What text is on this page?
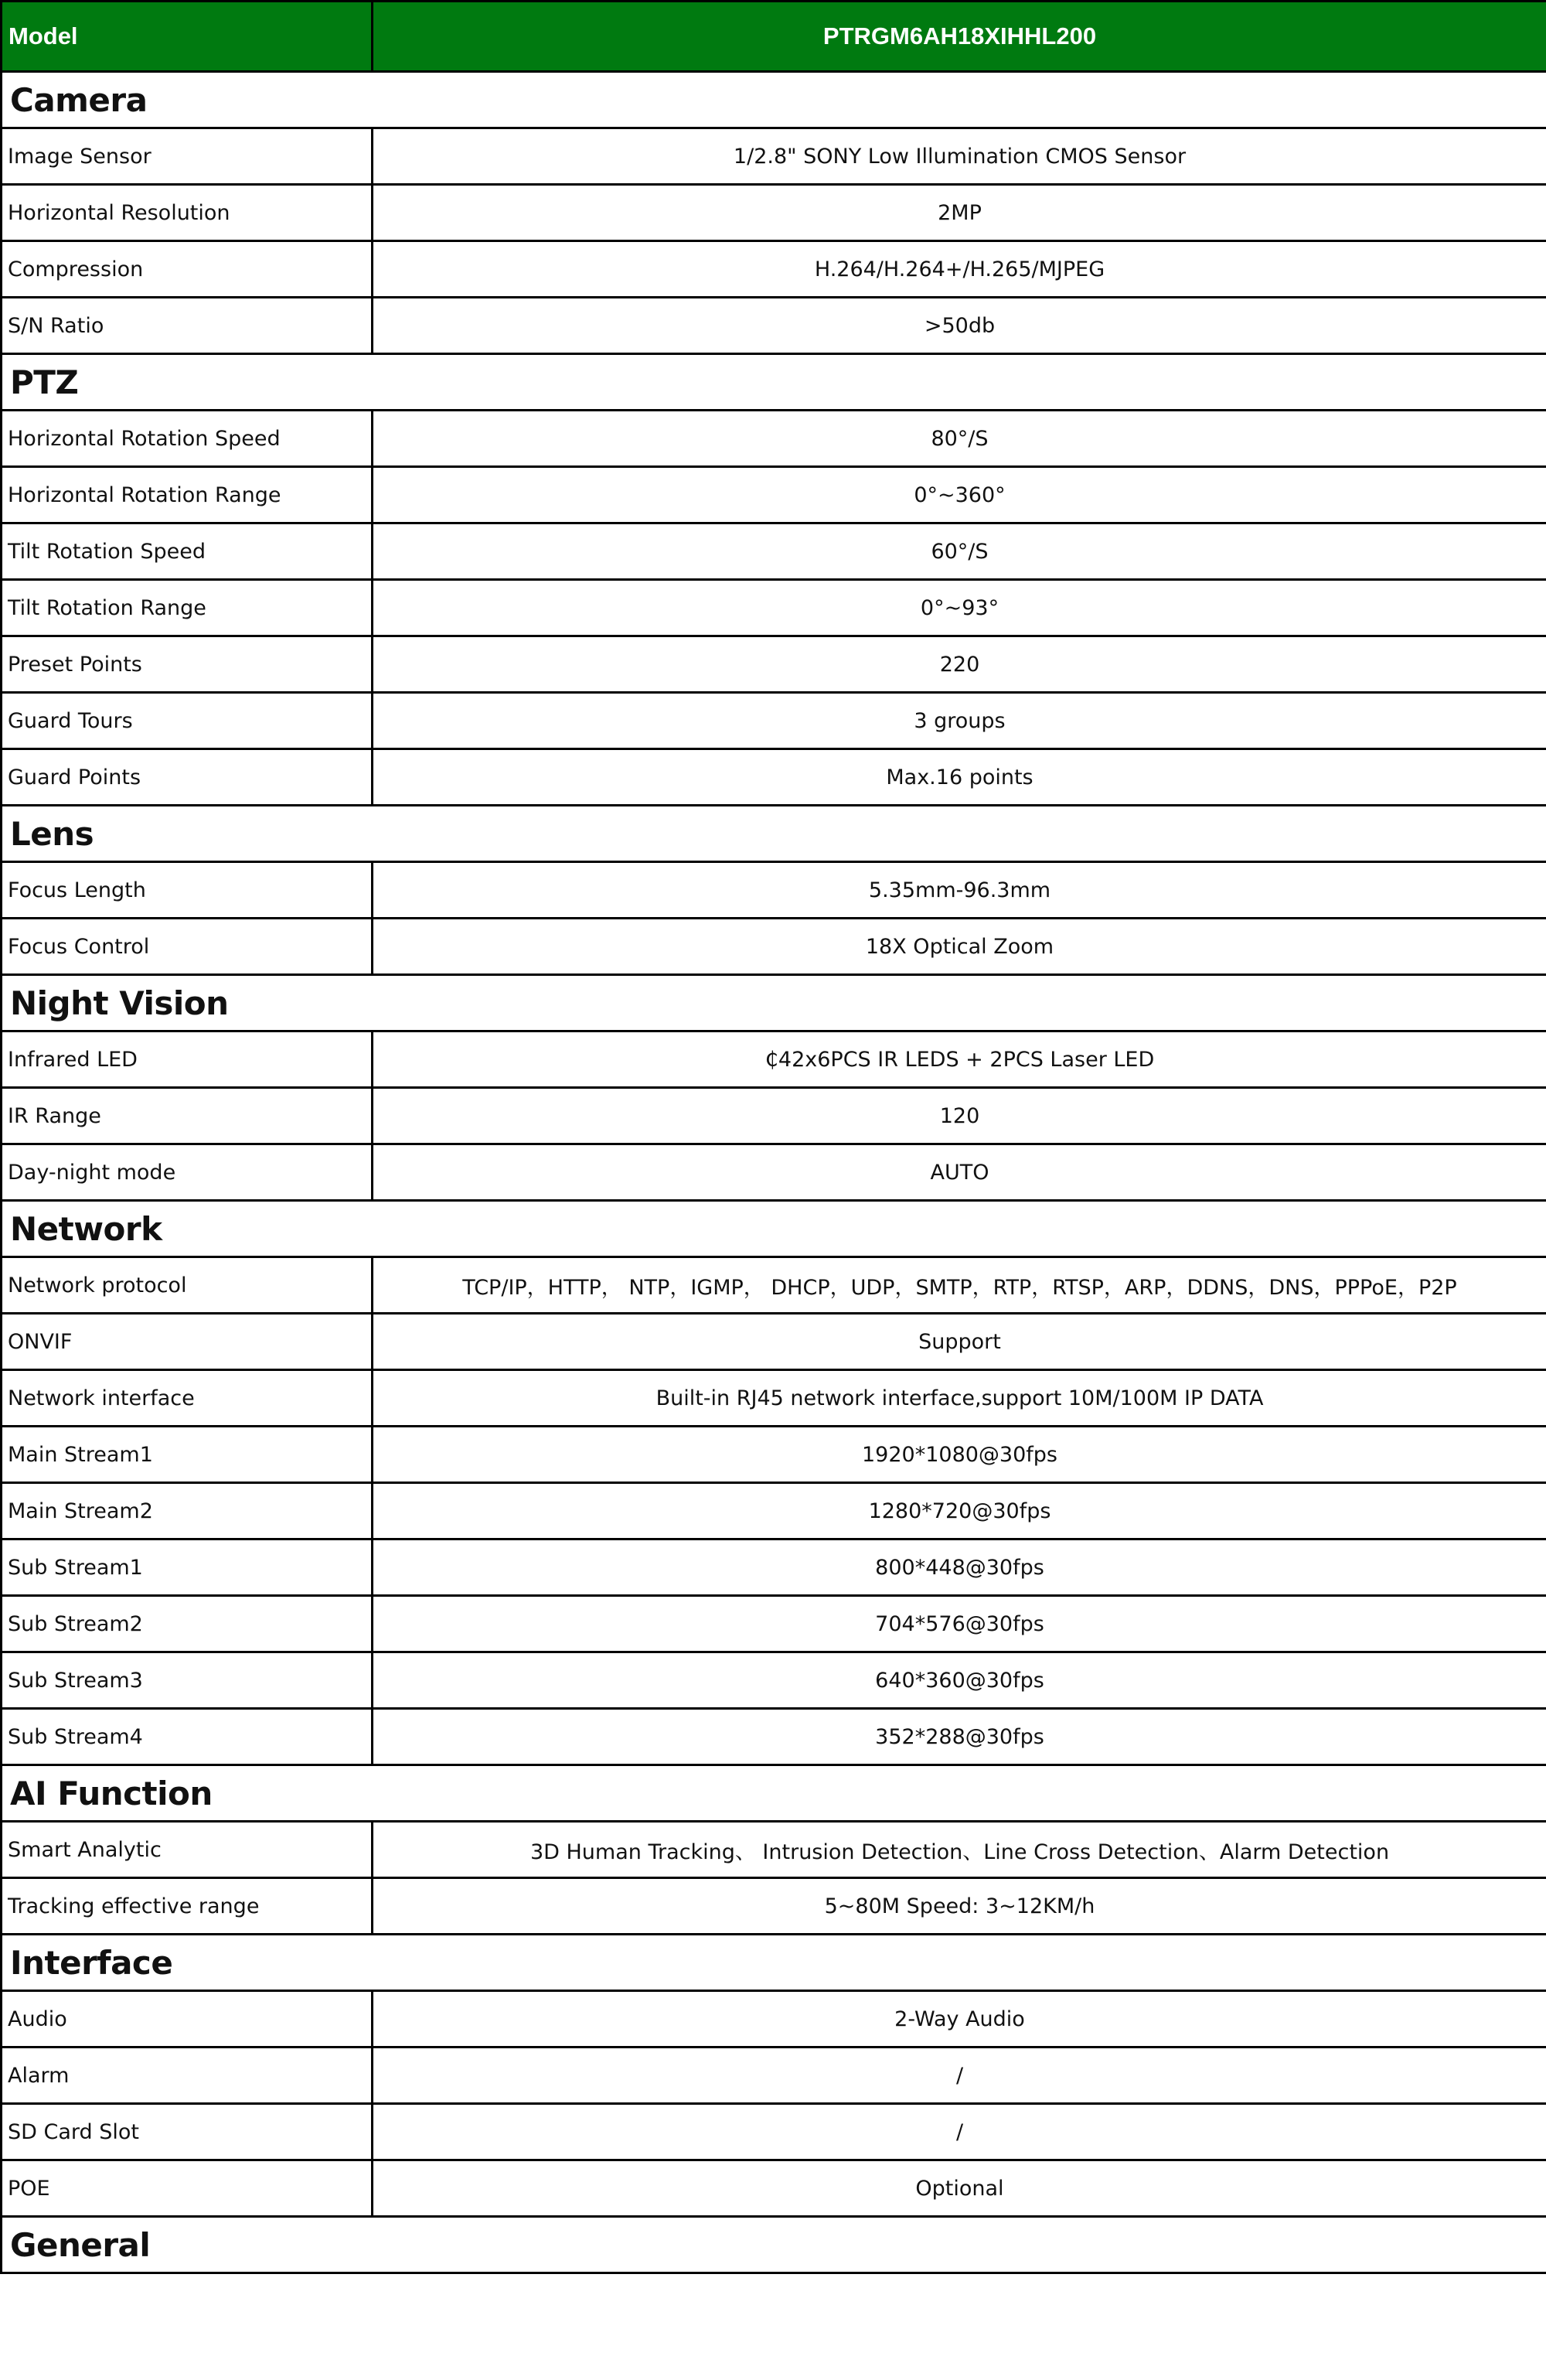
Model	PTRGM6AH18XIHHL200
Camera	
Image Sensor	1/2.8" SONY Low Illumination CMOS Sensor
Horizontal Resolution	2MP
Compression	H.264/H.264+/H.265/MJPEG
S/N Ratio	>50db
PTZ	
Horizontal Rotation Speed	80°/S
Horizontal Rotation Range	0°~360°
Tilt Rotation Speed	60°/S
Tilt Rotation Range	0°~93°
Preset Points	220
Guard Tours	3 groups
Guard Points	Max.16 points
Lens	
Focus Length	5.35mm-96.3mm
Focus Control	18X Optical Zoom
Night Vision	
Infrared LED	₵42x6PCS IR LEDS + 2PCS Laser LED
IR Range	120
Day-night mode	AUTO
Network	
Network protocol	TCP/IP，HTTP， NTP，IGMP， DHCP，UDP，SMTP，RTP，RTSP，ARP，DDNS，DNS，PPPoE，P2P
ONVIF	Support
Network interface	Built-in RJ45 network interface,support 10M/100M IP DATA
Main Stream1	1920*1080@30fps
Main Stream2	1280*720@30fps
Sub Stream1	800*448@30fps
Sub Stream2	704*576@30fps
Sub Stream3	640*360@30fps
Sub Stream4	352*288@30fps
AI Function	
Smart Analytic	3D Human Tracking、 Intrusion Detection、Line Cross Detection、Alarm Detection
Tracking effective range	5~80M Speed: 3~12KM/h
Interface	
Audio	2-Way Audio
Alarm	/
SD Card Slot	/
POE	Optional
General	
